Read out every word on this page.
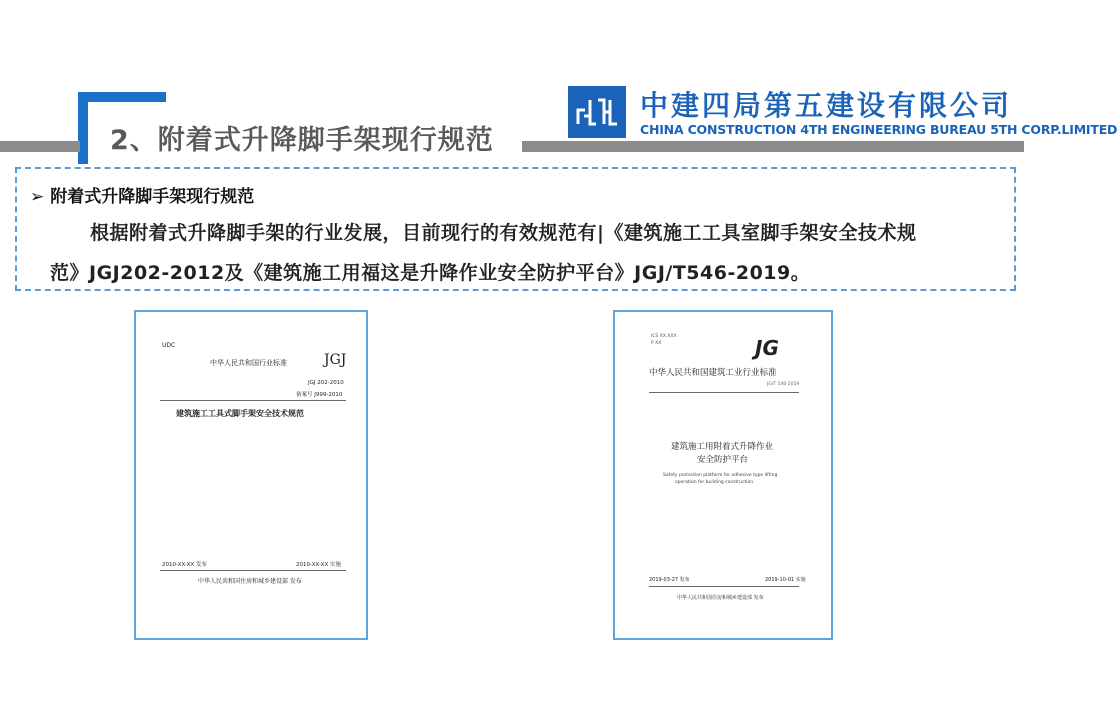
2、附着式升降脚手架现行规范
中建四局第五建设有限公司
CHINA CONSTRUCTION 4TH ENGINEERING BUREAU 5TH CORP.LIMITED
➢ 附着式升降脚手架现行规范
根据附着式升降脚手架的行业发展，目前现行的有效规范有|《建筑施工工具室脚手架安全技术规
范》JGJ202-2012及《建筑施工用福这是升降作业安全防护平台》JGJ/T546-2019。
UDC
中华人民共和国行业标准	JGJ
JGJ 202-2010
备案号 J999-2010
建筑施工工具式脚手架安全技术规范
2010-XX-XX 发布	2010-XX-XX 实施
中华人民共和国住房和城乡建设部 发布
ICS XX.XXX
P XX	JG
中华人民共和国建筑工业行业标准
JG/T 546-2019
建筑施工用附着式升降作业
安全防护平台
Safety protection platform for adhesive type lifting
operation for building construction
2019-03-27 发布	2019-10-01 实施
中华人民共和国住房和城乡建设部 发布
